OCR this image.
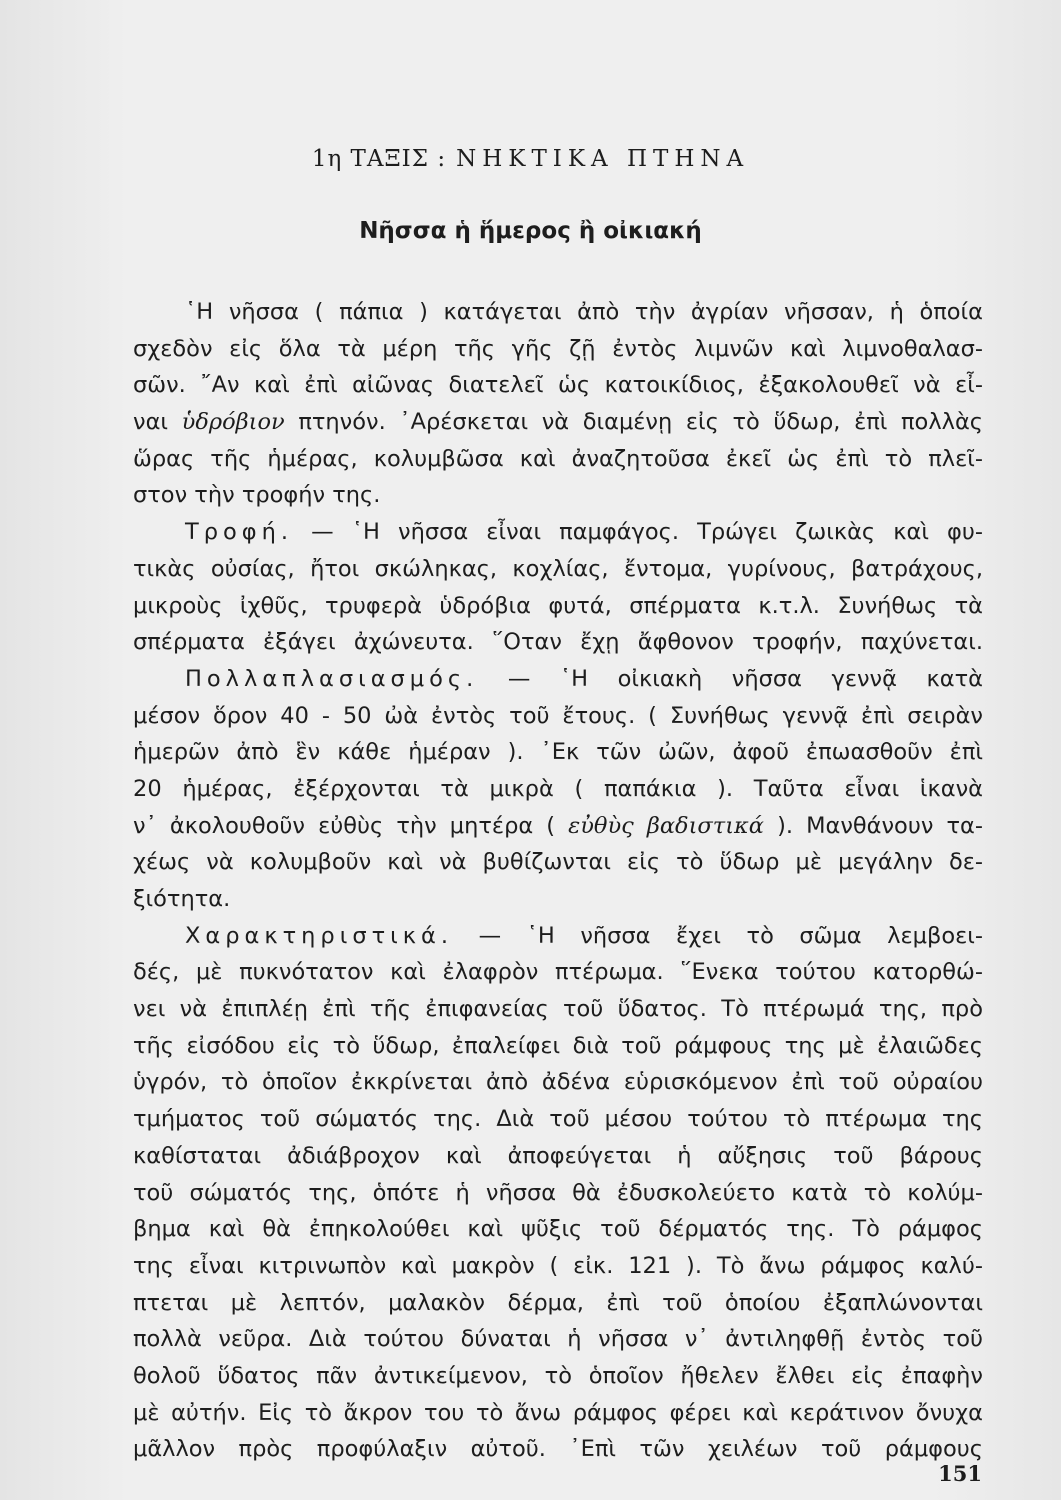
1η ΤΑΞΙΣ : ΝΗΚΤΙΚΑ ΠΤΗΝΑ
Νῆσσα ἡ ἥμερος ἢ οἰκιακή
῾Η νῆσσα ( πάπια ) κατάγεται ἀπὸ τὴν ἀγρίαν νῆσσαν, ἡ ὁποία
σχεδὸν εἰς ὅλα τὰ μέρη τῆς γῆς ζῇ ἐντὸς λιμνῶν καὶ λιμνοθαλασ-
σῶν. ῎Αν καὶ ἐπὶ αἰῶνας διατελεῖ ὡς κατοικίδιος, ἐξακολουθεῖ νὰ εἶ-
ναι ὑδρόβιον πτηνόν. ᾿Αρέσκεται νὰ διαμένῃ εἰς τὸ ὕδωρ, ἐπὶ πολλὰς
ὥρας τῆς ἡμέρας, κολυμβῶσα καὶ ἀναζητοῦσα ἐκεῖ ὡς ἐπὶ τὸ πλεῖ-
στον τὴν τροφήν της.
Τροφή. — ῾Η νῆσσα εἶναι παμφάγος. Τρώγει ζωικὰς καὶ φυ-
τικὰς οὐσίας, ἤτοι σκώληκας, κοχλίας, ἔντομα, γυρίνους, βατράχους,
μικροὺς ἰχθῦς, τρυφερὰ ὑδρόβια φυτά, σπέρματα κ.τ.λ. Συνήθως τὰ
σπέρματα ἐξάγει ἀχώνευτα. ῞Οταν ἔχῃ ἄφθονον τροφήν, παχύνεται.
Πολλαπλασιασμός. — ῾Η οἰκιακὴ νῆσσα γεννᾷ κατὰ
μέσον ὅρον 40 - 50 ὠὰ ἐντὸς τοῦ ἔτους. ( Συνήθως γεννᾷ ἐπὶ σειρὰν
ἡμερῶν ἀπὸ ἓν κάθε ἡμέραν ). ᾿Εκ τῶν ὠῶν, ἀφοῦ ἐπωασθοῦν ἐπὶ
20 ἡμέρας, ἐξέρχονται τὰ μικρὰ ( παπάκια ). Ταῦτα εἶναι ἱκανὰ
ν᾽ ἀκολουθοῦν εὐθὺς τὴν μητέρα ( εὐθὺς βαδιστικά ). Μανθάνουν τα-
χέως νὰ κολυμβοῦν καὶ νὰ βυθίζωνται εἰς τὸ ὕδωρ μὲ μεγάλην δε-
ξιότητα.
Χαρακτηριστικά. — ῾Η νῆσσα ἔχει τὸ σῶμα λεμβοει-
δές, μὲ πυκνότατον καὶ ἐλαφρὸν πτέρωμα. ῞Ενεκα τούτου κατορθώ-
νει νὰ ἐπιπλέῃ ἐπὶ τῆς ἐπιφανείας τοῦ ὕδατος. Τὸ πτέρωμά της, πρὸ
τῆς εἰσόδου εἰς τὸ ὕδωρ, ἐπαλείφει διὰ τοῦ ράμφους της μὲ ἐλαιῶδες
ὑγρόν, τὸ ὁποῖον ἐκκρίνεται ἀπὸ ἀδένα εὑρισκόμενον ἐπὶ τοῦ οὐραίου
τμήματος τοῦ σώματός της. Διὰ τοῦ μέσου τούτου τὸ πτέρωμα της
καθίσταται ἀδιάβροχον καὶ ἀποφεύγεται ἡ αὔξησις τοῦ βάρους
τοῦ σώματός της, ὁπότε ἡ νῆσσα θὰ ἐδυσκολεύετο κατὰ τὸ κολύμ-
βημα καὶ θὰ ἐπηκολούθει καὶ ψῦξις τοῦ δέρματός της. Τὸ ράμφος
της εἶναι κιτρινωπὸν καὶ μακρὸν ( εἰκ. 121 ). Τὸ ἄνω ράμφος καλύ-
πτεται μὲ λεπτόν, μαλακὸν δέρμα, ἐπὶ τοῦ ὁποίου ἐξαπλώνονται
πολλὰ νεῦρα. Διὰ τούτου δύναται ἡ νῆσσα ν᾽ ἀντιληφθῇ ἐντὸς τοῦ
θολοῦ ὕδατος πᾶν ἀντικείμενον, τὸ ὁποῖον ἤθελεν ἔλθει εἰς ἐπαφὴν
μὲ αὐτήν. Εἰς τὸ ἄκρον του τὸ ἄνω ράμφος φέρει καὶ κεράτινον ὄνυχα
μᾶλλον πρὸς προφύλαξιν αὐτοῦ. ᾿Επὶ τῶν χειλέων τοῦ ράμφους
151
